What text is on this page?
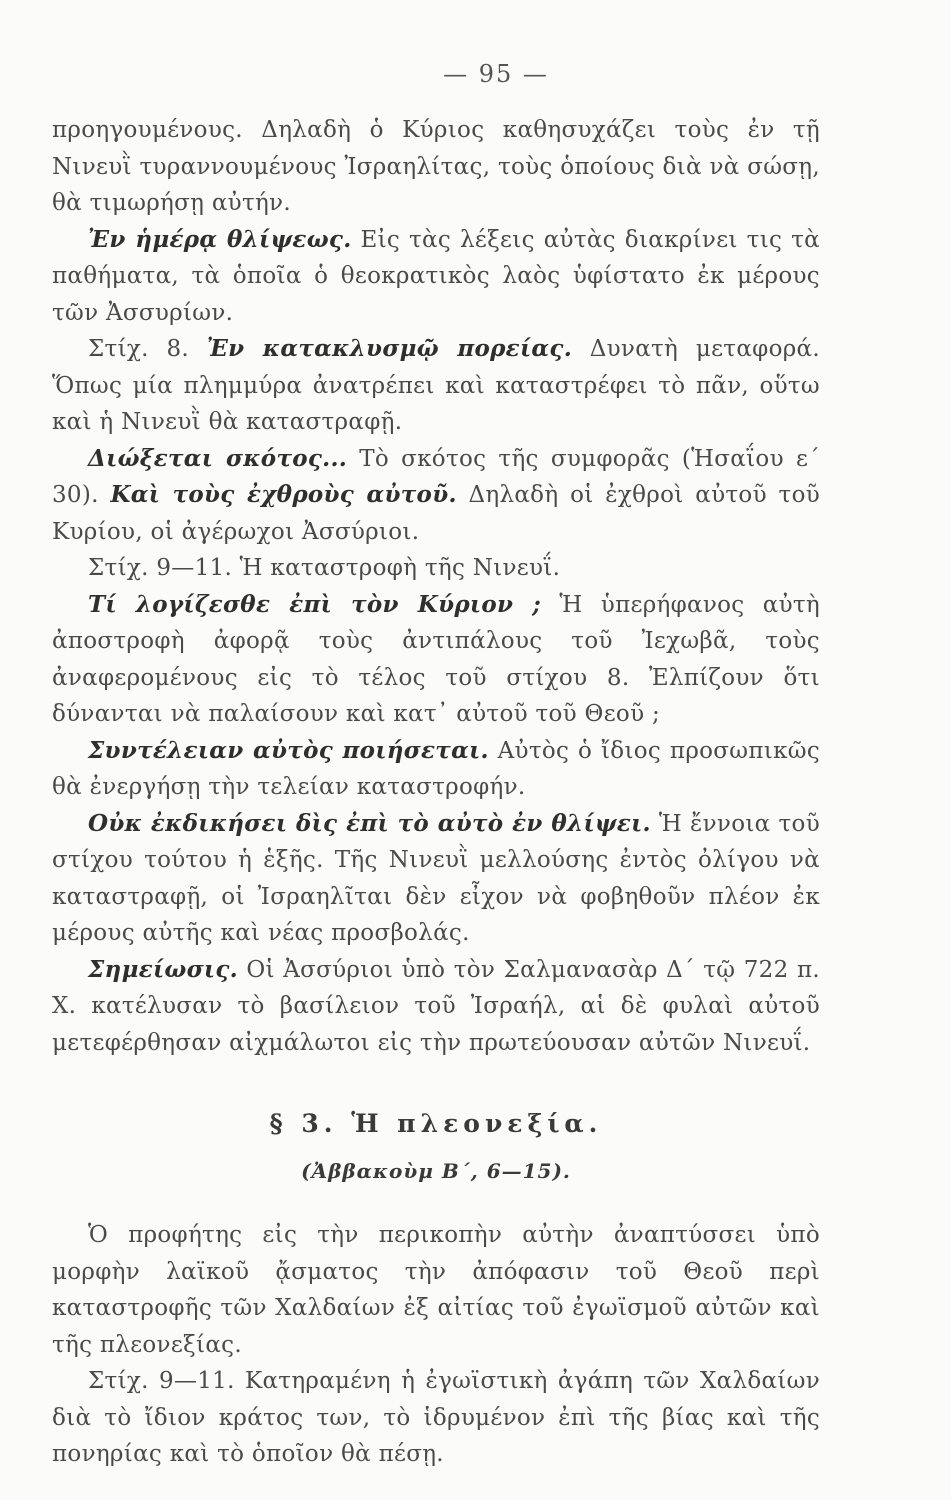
— 95 —

προηγουμένους. Δηλαδὴ ὁ Κύριος καθησυχάζει τοὺς ἐν τῇ Νινευῒ τυραννουμένους Ἰσραηλίτας, τοὺς ὁποίους διὰ νὰ σώσῃ, θὰ τιμωρήσῃ αὐτήν.

Ἐν ἡμέρᾳ θλίψεως. Εἰς τὰς λέξεις αὐτὰς διακρίνει τις τὰ παθήματα, τὰ ὁποῖα ὁ θεοκρατικὸς λαὸς ὑφίστατο ἐκ μέρους τῶν Ἀσσυρίων.

Στίχ. 8. Ἐν κατακλυσμῷ πορείας. Δυνατὴ μεταφορά. Ὅπως μία πλημμύρα ἀνατρέπει καὶ καταστρέφει τὸ πᾶν, οὕτω καὶ ἡ Νινευῒ θὰ καταστραφῇ.

Διώξεται σκότος... Τὸ σκότος τῆς συμφορᾶς (Ἡσαΐου ε΄ 30). Καὶ τοὺς ἐχθροὺς αὐτοῦ. Δηλαδὴ οἱ ἐχθροὶ αὐτοῦ τοῦ Κυρίου, οἱ ἀγέρωχοι Ἀσσύριοι.

Στίχ. 9—11. Ἡ καταστροφὴ τῆς Νινευΐ.

Τί λογίζεσθε ἐπὶ τὸν Κύριον ; Ἡ ὑπερήφανος αὐτὴ ἀποστροφὴ ἀφορᾷ τοὺς ἀντιπάλους τοῦ Ἰεχωβᾶ, τοὺς ἀναφερομένους εἰς τὸ τέλος τοῦ στίχου 8. Ἐλπίζουν ὅτι δύνανται νὰ παλαίσουν καὶ κατ᾽ αὐτοῦ τοῦ Θεοῦ ;

Συντέλειαν αὐτὸς ποιήσεται. Αὐτὸς ὁ ἴδιος προσωπικῶς θὰ ἐνεργήσῃ τὴν τελείαν καταστροφήν.

Οὐκ ἐκδικήσει δὶς ἐπὶ τὸ αὐτὸ ἐν θλίψει. Ἡ ἔννοια τοῦ στίχου τούτου ἡ ἑξῆς. Τῆς Νινευῒ μελλούσης ἐντὸς ὀλίγου νὰ καταστραφῇ, οἱ Ἰσραηλῖται δὲν εἶχον νὰ φοβηθοῦν πλέον ἐκ μέρους αὐτῆς καὶ νέας προσβολάς.

Σημείωσις. Οἱ Ἀσσύριοι ὑπὸ τὸν Σαλμανασὰρ Δ΄ τῷ 722 π. Χ. κατέλυσαν τὸ βασίλειον τοῦ Ἰσραήλ, αἱ δὲ φυλαὶ αὐτοῦ μετεφέρθησαν αἰχμάλωτοι εἰς τὴν πρωτεύουσαν αὐτῶν Νινευΐ.

§ 3. Ἡ πλεονεξία.
(Ἀββακοὺμ Β΄, 6—15).

Ὁ προφήτης εἰς τὴν περικοπὴν αὐτὴν ἀναπτύσσει ὑπὸ μορφὴν λαϊκοῦ ᾄσματος τὴν ἀπόφασιν τοῦ Θεοῦ περὶ καταστροφῆς τῶν Χαλδαίων ἐξ αἰτίας τοῦ ἐγωϊσμοῦ αὐτῶν καὶ τῆς πλεονεξίας.

Στίχ. 9—11. Κατηραμένη ἡ ἐγωϊστικὴ ἀγάπη τῶν Χαλδαίων διὰ τὸ ἴδιον κράτος των, τὸ ἱδρυμένον ἐπὶ τῆς βίας καὶ τῆς πονηρίας καὶ τὸ ὁποῖον θὰ πέσῃ.
